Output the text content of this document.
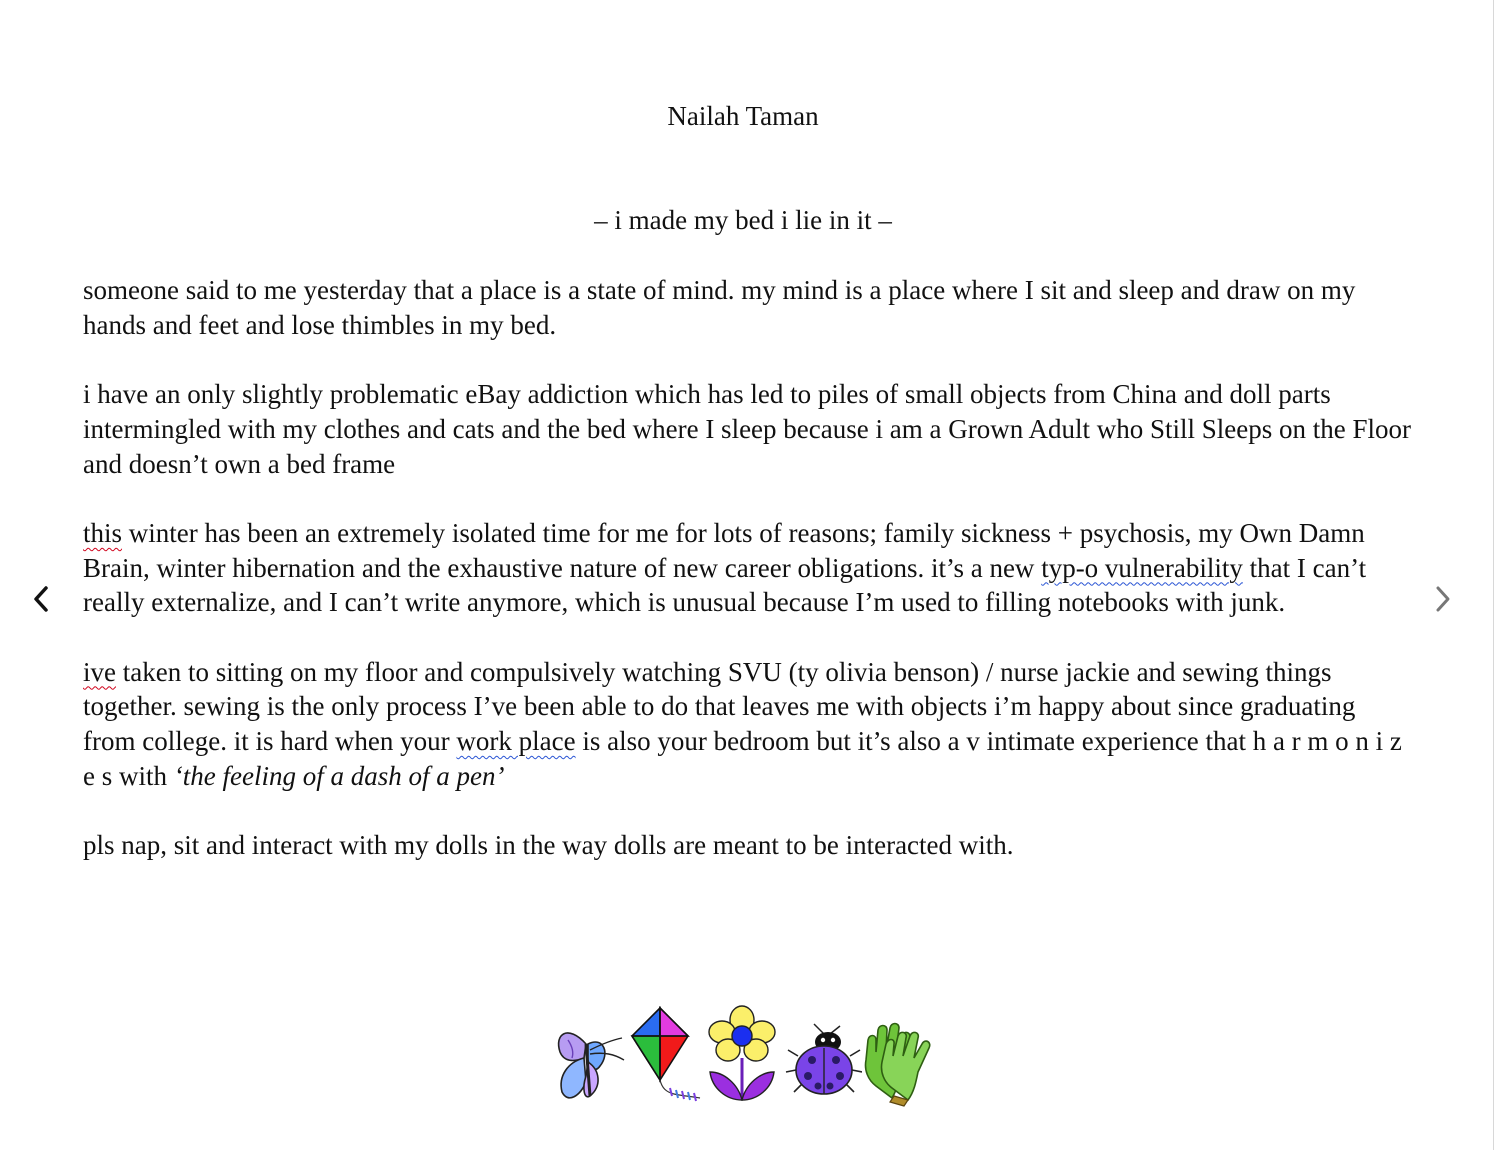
Nailah Taman
– i made my bed i lie in it –

someone said to me yesterday that a place is a state of mind. my mind is a place where I sit and sleep and draw on my hands and feet and lose thimbles in my bed.

i have an only slightly problematic eBay addiction which has led to piles of small objects from China and doll parts intermingled with my clothes and cats and the bed where I sleep because i am a Grown Adult who Still Sleeps on the Floor and doesn’t own a bed frame

this winter has been an extremely isolated time for me for lots of reasons; family sickness + psychosis, my Own Damn Brain, winter hibernation and the exhaustive nature of new career obligations. it’s a new typ-o vulnerability that I can’t really externalize, and I can’t write anymore, which is unusual because I’m used to filling notebooks with junk.

ive taken to sitting on my floor and compulsively watching SVU (ty olivia benson) / nurse jackie and sewing things together. sewing is the only process I’ve been able to do that leaves me with objects i’m happy about since graduating from college. it is hard when your work place is also your bedroom but it’s also a v intimate experience that h a r m o n i z e s with ‘the feeling of a dash of a pen’

pls nap, sit and interact with my dolls in the way dolls are meant to be interacted with.
